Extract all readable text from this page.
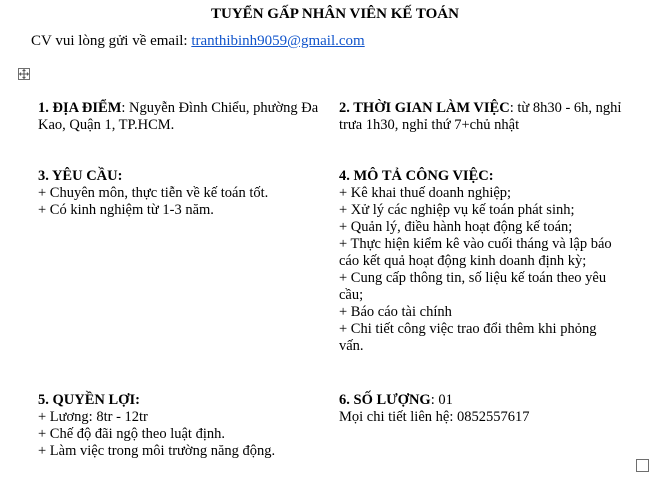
TUYỂN GẤP NHÂN VIÊN KẾ TOÁN
CV vui lòng gửi về email: tranthibinh9059@gmail.com
1. ĐỊA ĐIỂM: Nguyễn Đình Chiểu, phường Đa Kao, Quận 1, TP.HCM.
2. THỜI GIAN LÀM VIỆC: từ 8h30 - 6h, nghỉ trưa 1h30, nghỉ thứ 7+chủ nhật
3. YÊU CẦU:
+ Chuyên môn, thực tiễn về kế toán tốt.
+ Có kinh nghiệm từ 1-3 năm.
4. MÔ TẢ CÔNG VIỆC:
+ Kê khai thuế doanh nghiệp;
+ Xử lý các nghiệp vụ kế toán phát sinh;
+ Quản lý, điều hành hoạt động kế toán;
+ Thực hiện kiểm kê vào cuối tháng và lập báo
cáo kết quả hoạt động kinh doanh định kỳ;
+ Cung cấp thông tin, số liệu kế toán theo yêu
cầu;
+ Báo cáo tài chính
+ Chi tiết công việc trao đổi thêm khi phỏng
vấn.
5. QUYỀN LỢI:
+ Lương: 8tr - 12tr
+ Chế độ đãi ngộ theo luật định.
+ Làm việc trong môi trường năng động.
6. SỐ LƯỢNG: 01
Mọi chi tiết liên hệ: 0852557617
